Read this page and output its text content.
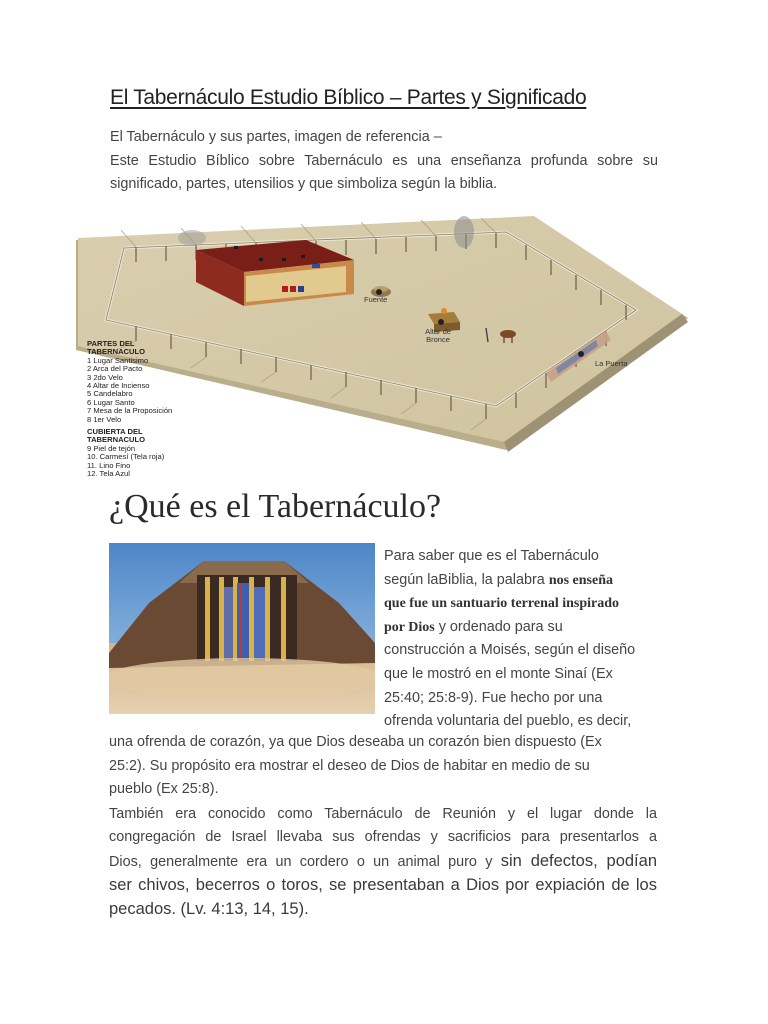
El Tabernáculo Estudio Bíblico – Partes y Significado

El Tabernáculo y sus partes, imagen de referencia –

Este Estudio Bíblico sobre Tabernáculo es una enseñanza profunda sobre su significado, partes, utensilios y que simboliza según la biblia.

PARTES DEL
TABERNACULO
1 Lugar Santisimo
2 Arca del Pacto
3 2do Velo
4 Altar de Incienso
5 Candelabro
6 Lugar Santo
7 Mesa de la Proposición
8 1er Velo
CUBIERTA DEL
TABERNACULO
9 Piel de tejón
10. Carmesí (Tela roja)
11. Lino Fino
12. Tela Azul
Fuente
Altar de
Bronce
La Puerta
¿Qué es el Tabernáculo?
Para saber que es el Tabernáculo
según laBiblia, la palabra nos enseña
que fue un santuario terrenal inspirado
por Dios y ordenado para su
construcción a Moisés, según el diseño
que le mostró en el monte Sinaí (Ex
25:40; 25:8-9). Fue hecho por una
ofrenda voluntaria del pueblo, es decir,
una ofrenda de corazón, ya que Dios deseaba un corazón bien dispuesto (Ex
25:2). Su propósito era mostrar el deseo de Dios de habitar en medio de su
pueblo (Ex 25:8).
También era conocido como Tabernáculo de Reunión y el lugar donde la
congregación de Israel llevaba sus ofrendas y sacrificios para presentarlos a
Dios, generalmente era un cordero o un animal puro y sin defectos, podían
ser chivos, becerros o toros, se presentaban a Dios por expiación de los
pecados. (Lv. 4:13, 14, 15).
